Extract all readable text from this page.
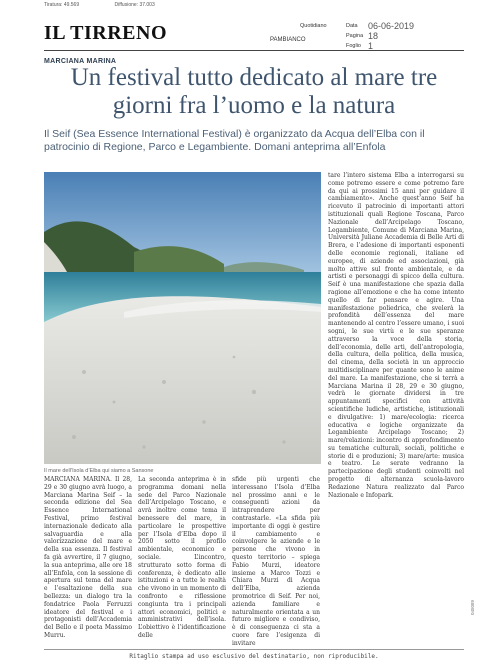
Tiratura: 49.569	Diffusione: 37.003
IL TIRRENO	PAMBIANCO
Quotidiano	Data 06-06-2019
Pagina 18
Foglio 1
MARCIANA MARINA
Un festival tutto dedicato al mare tre giorni fra l’uomo e la natura
Il Seif (Sea Essence International Festival) è organizzato da Acqua dell’Elba con il patrocinio di Regione, Parco e Legambiente. Domani anteprima all’Enfola
Il mare dell’Isola d’Elba qui siamo a Sansone

MARCIANA MARINA. Il 28, 29 e 30 giugno avrà luogo, a Marciana Marina Seif – la seconda edizione del Sea Essence International Festival, primo festival internazionale dedicato alla salvaguardia e alla valorizzazione del mare e della sua essenza. Il festival fa già avvertire, il 7 giugno, la sua anteprima, alle ore 18 all’Enfola, con la sessione di apertura sul tema del mare e l’esaltazione della sua bellezza: un dialogo tra la fondatrice Paola Ferruzzi ideatore del festival e i protagonisti dell’Accademia del Bello e il poeta Massimo Murru.

La seconda anteprima è in programma domani nella sede del Parco Nazionale dell’Arcipelago Toscano, e avrà inoltre come tema il benessere del mare, in particolare le prospettive per l’Isola d’Elba dopo il 2050 sotto il profilo ambientale, economico e sociale. L’incontro, strutturato sotto forma di conferenza, è dedicato alle istituzioni e a tutte le realtà che vivono in un momento di confronto e riflessione congiunta tra i principali attori economici, politici e amministrativi dell’isola. L’obiettivo è l’identificazione delle

sfide più urgenti che interessano l’Isola d’Elba nel prossimo anni e le conseguenti azioni da intraprendere per contrastarle. «La sfida più importante di oggi è gestire il cambiamento e coinvolgere le aziende e le persone che vivono in questo territorio – spiega Fabio Murzi, ideatore insieme a Marco Tozzi e Chiara Murzi di Acqua dell’Elba, azienda promotrice di Seif. Per noi, azienda familiare e naturalmente orientata a un futuro migliore e condiviso, è di conseguenza ci sta a cuore fare l’esigenza di invitare

tare l’intero sistema Elba a interrogarsi su come potremo essere e come potremo fare da qui ai prossimi 15 anni per guidare il cambiamento». Anche quest’anno Seif ha ricevuto il patrocinio di importanti attori istituzionali quali Regione Toscana, Parco Nazionale dell’Arcipelago Toscano, Legambiente, Comune di Marciana Marina, Università Juliane Accademia di Belle Arti di Brera, e l’adesione di importanti esponenti delle economie regionali, italiane ed europee, di aziende ed associazioni, già molto attive sul fronte ambientale, e da artisti e personaggi di spicco della cultura. Seif è una manifestazione che spazia dalla ragione all’emozione e che ha come intento quello di far pensare e agire. Una manifestazione poliedrica, che svelerà la profondità dell’essenza del mare mantenendo al centro l’essere umano, i suoi sogni, le sue virtù e le sue speranze attraverso la voce della storia, dell’economia, delle arti, dell’antropologia, della cultura, della politica, della musica, del cinema, della società in un approccio multidisciplinare per quante sono le anime del mare. La manifestazione, che si terrà a Marciana Marina il 28, 29 e 30 giugno, vedrà le giornate dividersi in tre appuntamenti specifici con attività scientifiche ludiche, artistiche, istituzionali e divulgative: 1) mare/ecologia: ricerca educativa e logiche organizzate da Legambiente Arcipelago Toscano; 2) mare/relazioni: incontro di approfondimento su tematiche culturali, sociali, politiche e storie di e produzioni; 3) mare/arte: musica e teatro. Le serate vedranno la partecipazione degli studenti coinvolti nel progetto di alternanza scuola-lavoro Redazione Natura realizzato dal Parco Nazionale e Infopark.

045089
Ritaglio stampa ad uso esclusivo del destinatario, non riproducibile.
